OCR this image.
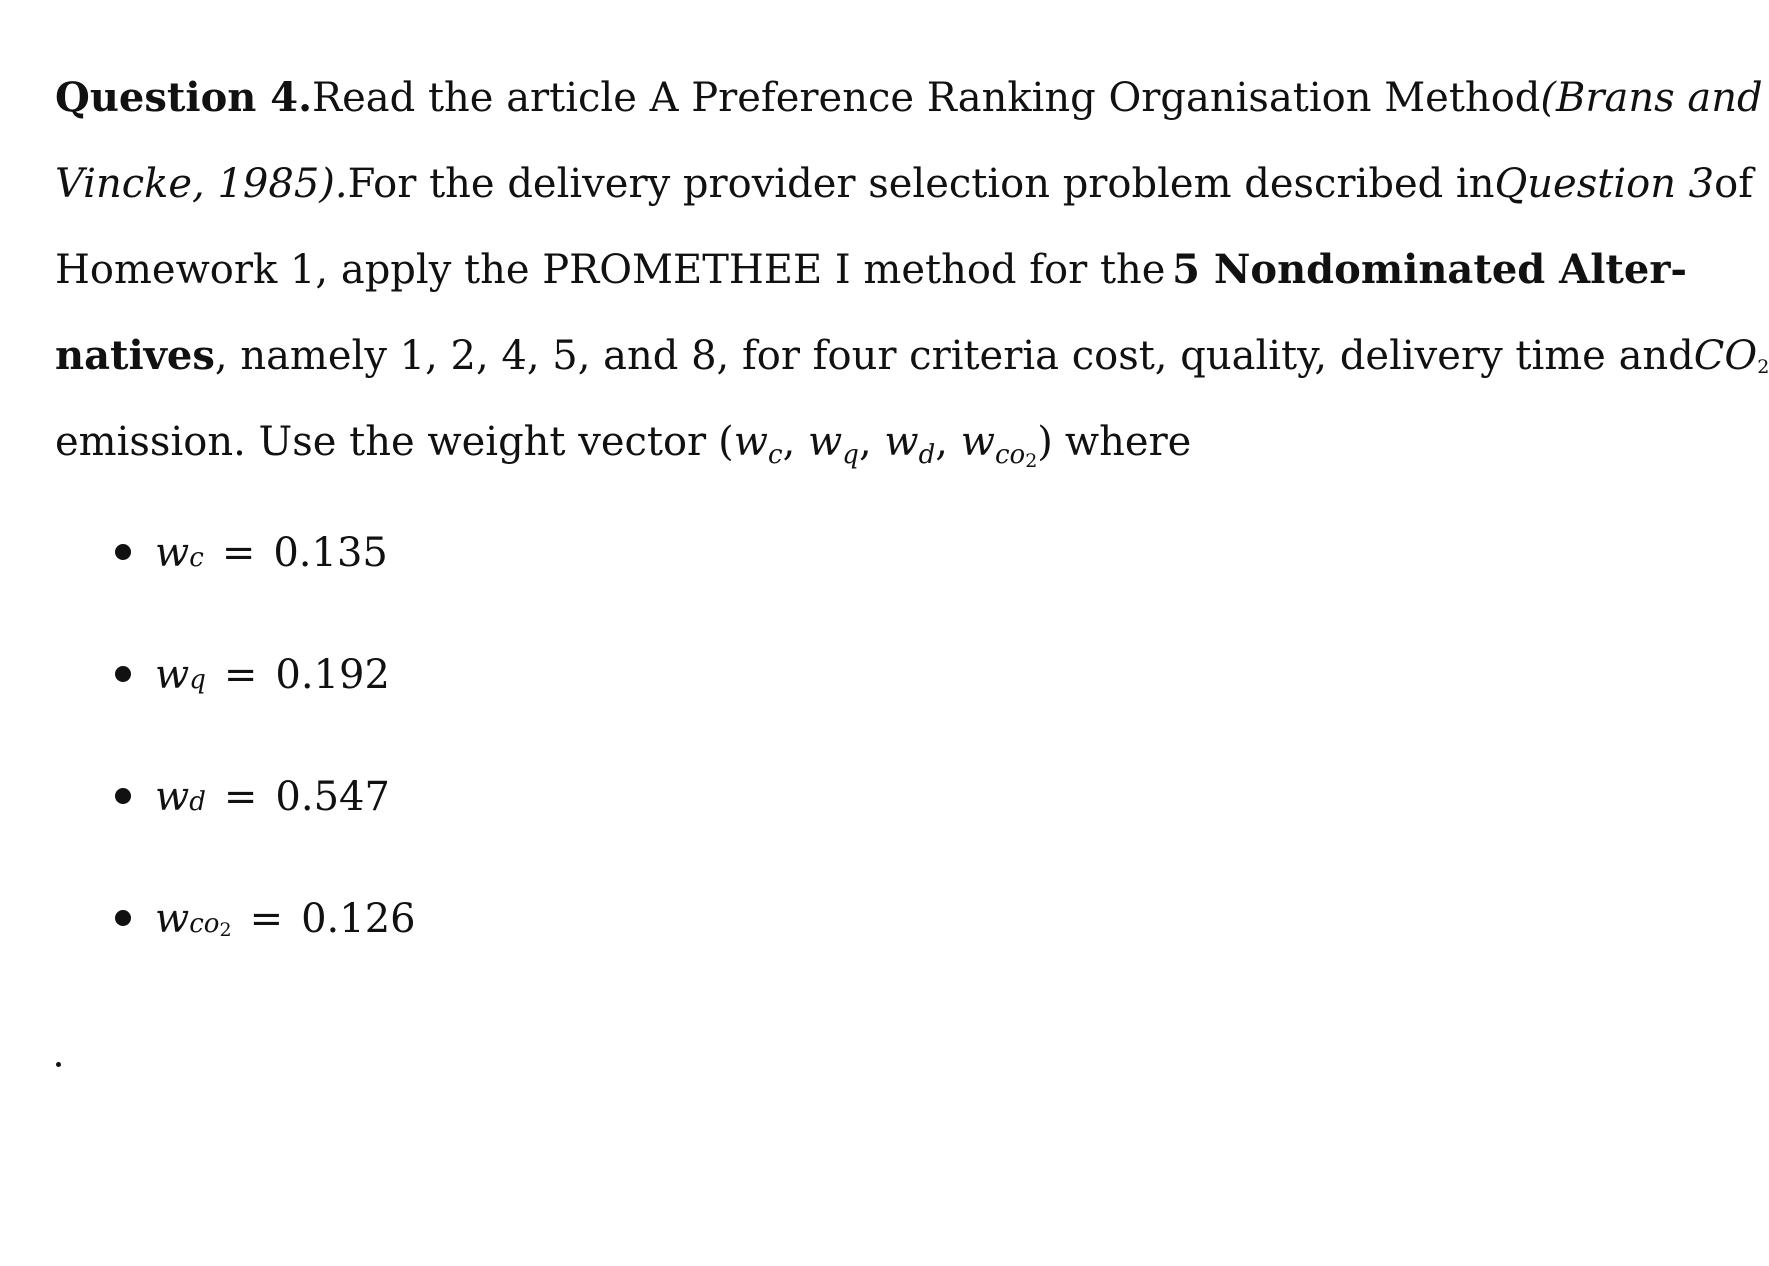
Question 4. Read the article A Preference Ranking Organisation Method (Brans and
Vincke, 1985). For the delivery provider selection problem described in Question 3 of
Homework 1, apply the PROMETHEE I method for the 5 Nondominated Alter-
natives, namely 1, 2, 4, 5, and 8, for four criteria cost, quality, delivery time and CO2
emission. Use the weight vector ($w_c$, $w_q$, $w_d$, $w_{co2}$) where
w c = 0.135
w q = 0.192
w d = 0.547
w co2 = 0.126
